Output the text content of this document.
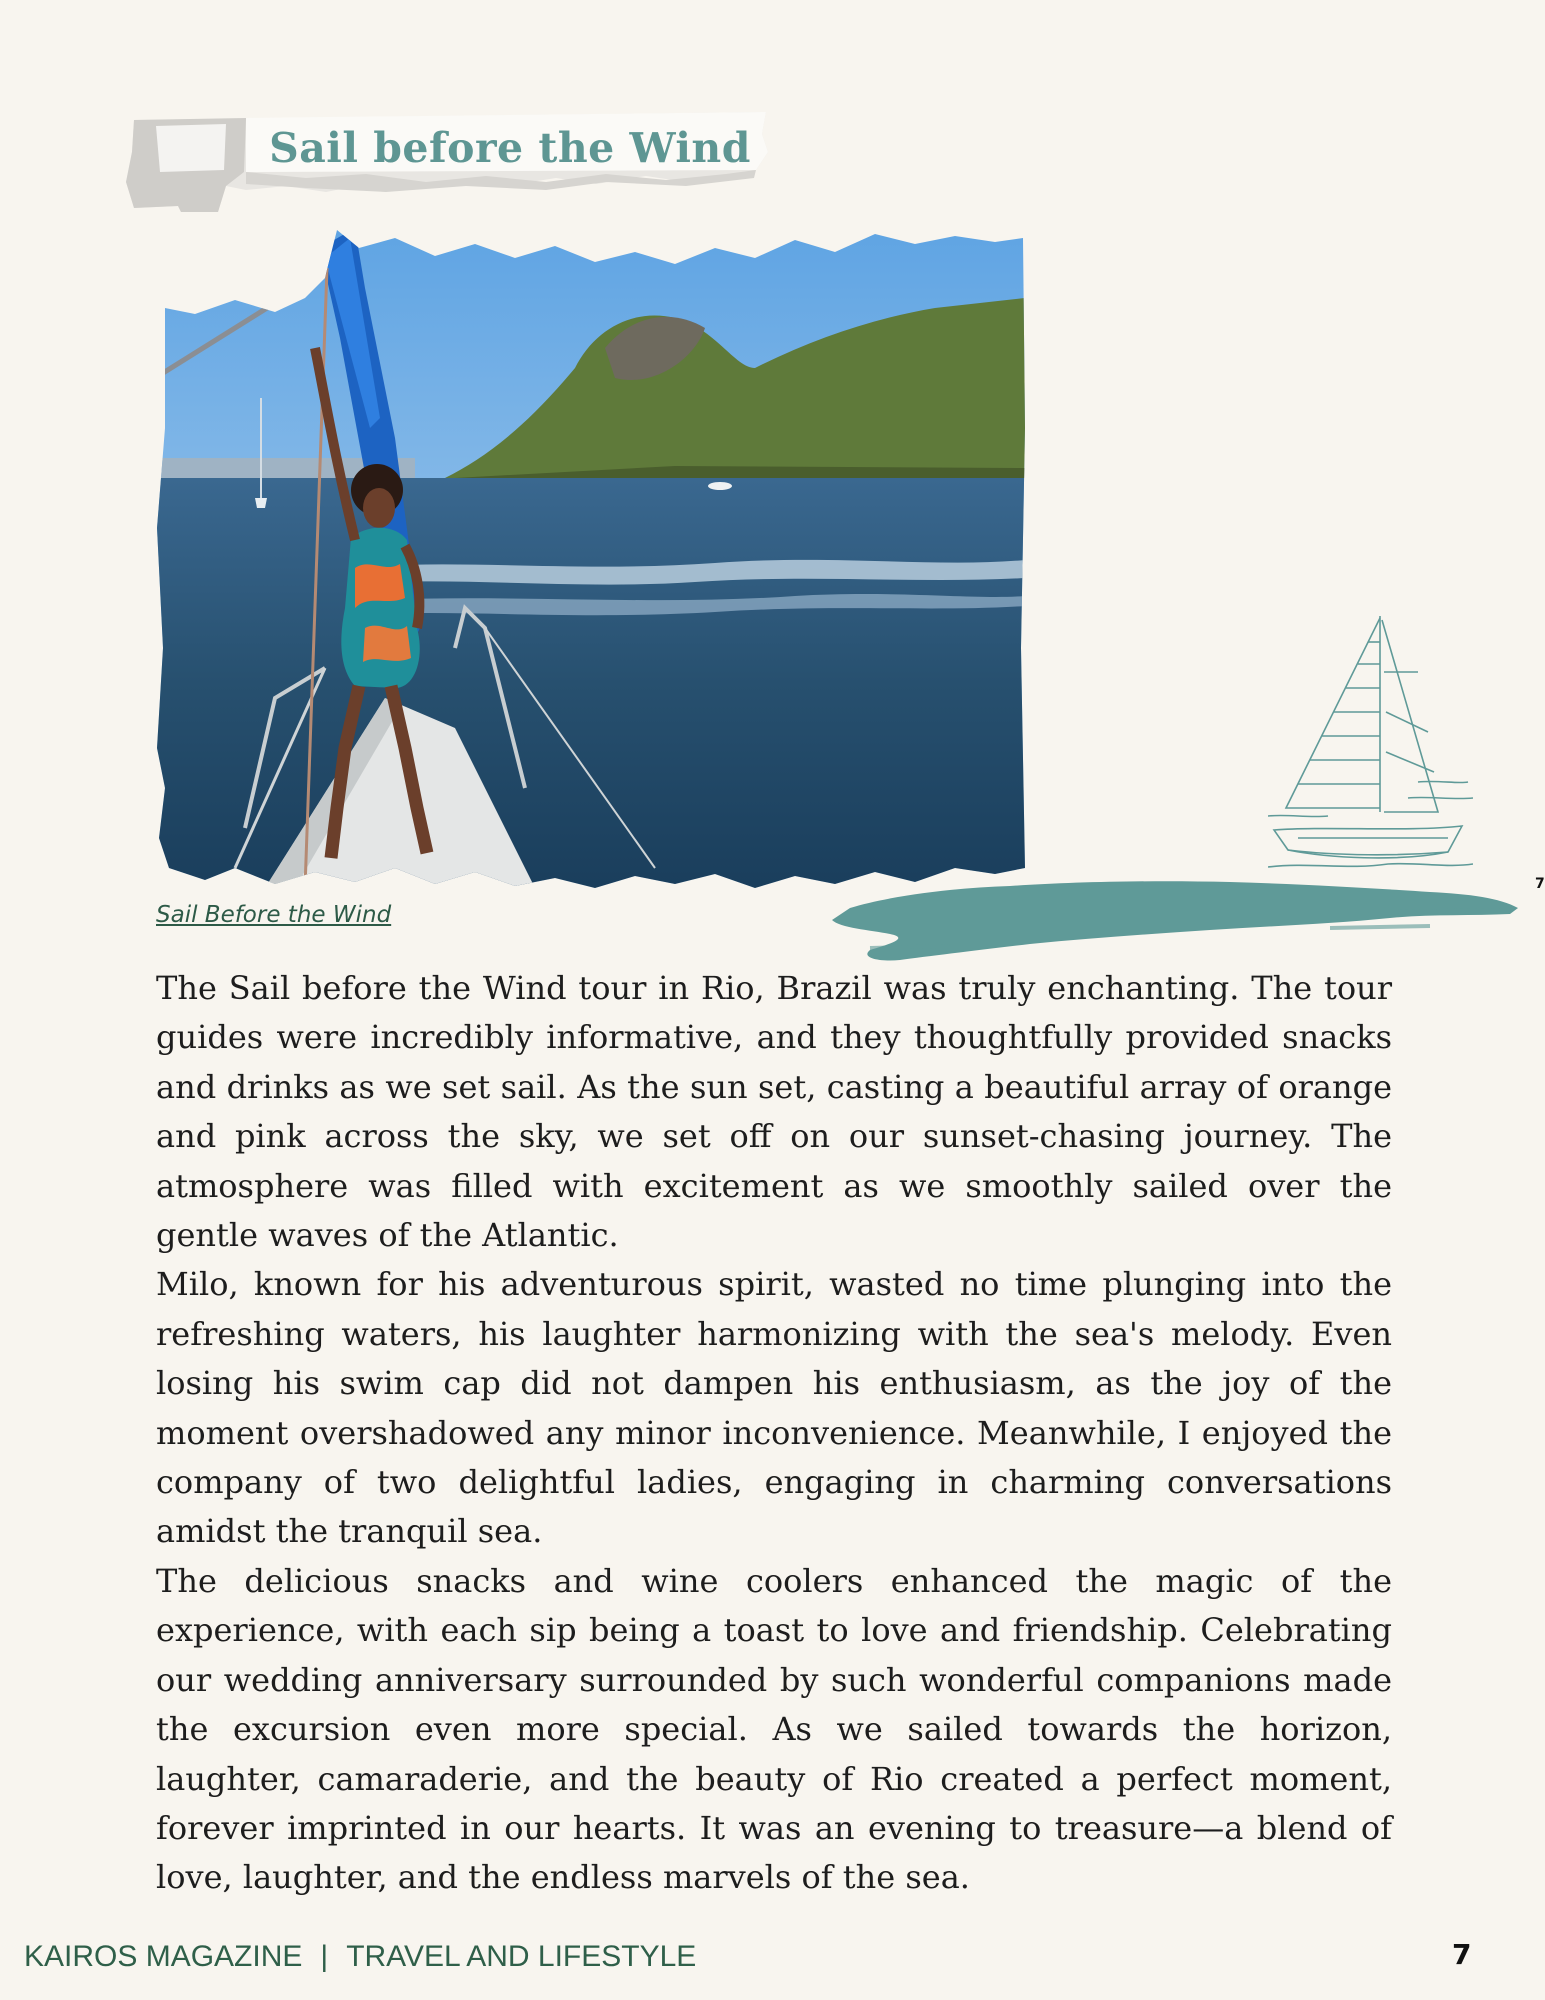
Sail before the Wind
Sail Before the Wind
7

The Sail before the Wind tour in Rio, Brazil was truly enchanting. The tour guides were incredibly informative, and they thoughtfully provided snacks and drinks as we set sail. As the sun set, casting a beautiful array of orange and pink across the sky, we set off on our sunset-chasing journey. The atmosphere was filled with excitement as we smoothly sailed over the gentle waves of the Atlantic.

Milo, known for his adventurous spirit, wasted no time plunging into the refreshing waters, his laughter harmonizing with the sea's melody. Even losing his swim cap did not dampen his enthusiasm, as the joy of the moment overshadowed any minor inconvenience. Meanwhile, I enjoyed the company of two delightful ladies, engaging in charming conversations amidst the tranquil sea.

The delicious snacks and wine coolers enhanced the magic of the experience, with each sip being a toast to love and friendship. Celebrating our wedding anniversary surrounded by such wonderful companions made the excursion even more special. As we sailed towards the horizon, laughter, camaraderie, and the beauty of Rio created a perfect moment, forever imprinted in our hearts. It was an evening to treasure—a blend of love, laughter, and the endless marvels of the sea.

KAIROS MAGAZINE | TRAVEL AND LIFESTYLE	7
